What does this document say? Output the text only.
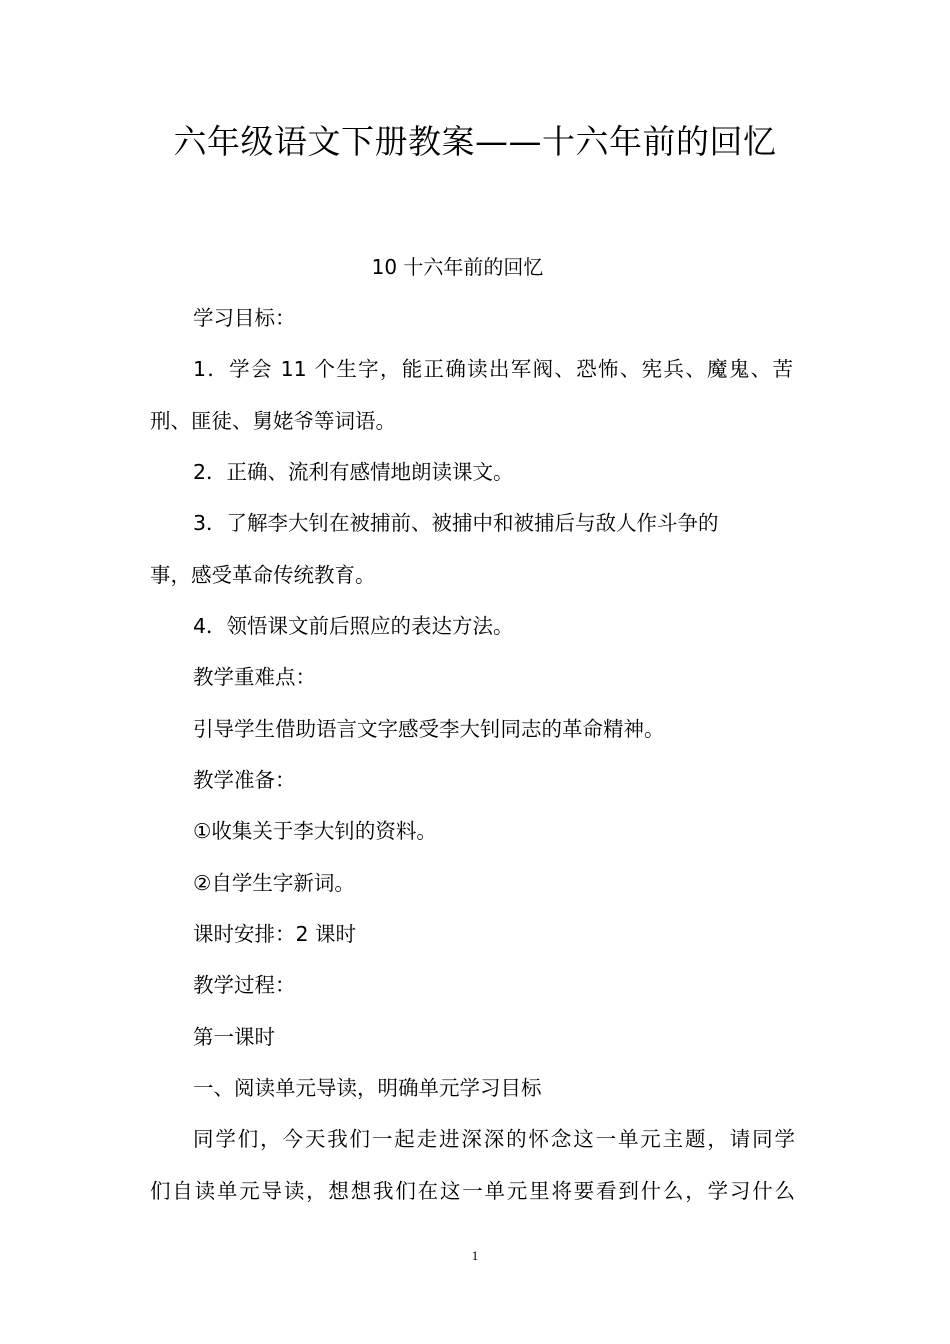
六年级语文下册教案——十六年前的回忆
10 十六年前的回忆

学习目标：

1．学会 11 个生字，能正确读出军阀、恐怖、宪兵、魔鬼、苦

刑、匪徒、舅姥爷等词语。

2．正确、流利有感情地朗读课文。

3．了解李大钊在被捕前、被捕中和被捕后与敌人作斗争的

事，感受革命传统教育。

4．领悟课文前后照应的表达方法。

教学重难点：

引导学生借助语言文字感受李大钊同志的革命精神。

教学准备：

①收集关于李大钊的资料。

②自学生字新词。

课时安排：2 课时

教学过程：

第一课时

一、阅读单元导读，明确单元学习目标

同学们，今天我们一起走进深深的怀念这一单元主题，请同学

们自读单元导读，想想我们在这一单元里将要看到什么，学习什么

1
